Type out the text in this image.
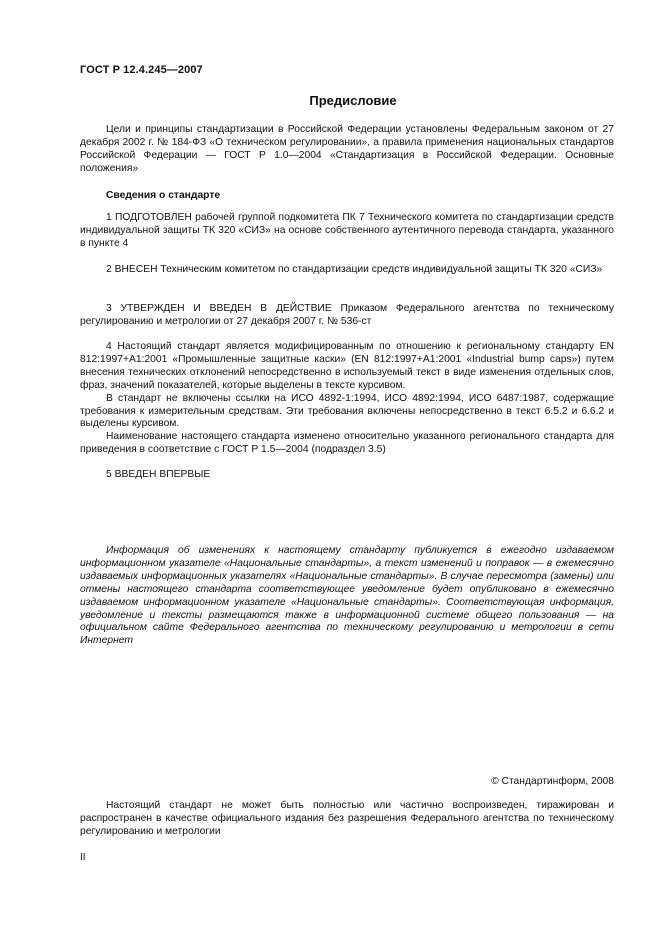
ГОСТ Р 12.4.245—2007
Предисловие

Цели и принципы стандартизации в Российской Федерации установлены Федеральным законом от 27 декабря 2002 г. № 184-ФЗ «О техническом регулировании», а правила применения национальных стандартов Российской Федерации — ГОСТ Р 1.0—2004 «Стандартизация в Российской Федерации. Основные положения»

Сведения о стандарте

1 ПОДГОТОВЛЕН рабочей группой подкомитета ПК 7 Технического комитета по стандартизации средств индивидуальной защиты ТК 320 «СИЗ» на основе собственного аутентичного перевода стандарта, указанного в пункте 4

2 ВНЕСЕН Техническим комитетом по стандартизации средств индивидуальной защиты ТК 320 «СИЗ»

3 УТВЕРЖДЕН И ВВЕДЕН В ДЕЙСТВИЕ Приказом Федерального агентства по техническому регулированию и метрологии от 27 декабря 2007 г. № 536-ст

4 Настоящий стандарт является модифицированным по отношению к региональному стандарту EN 812:1997+A1:2001 «Промышленные защитные каски» (EN 812:1997+A1:2001 «Industrial bump caps») путем внесения технических отклонений непосредственно в используемый текст в виде изменения отдельных слов, фраз, значений показателей, которые выделены в тексте курсивом.

В стандарт не включены ссылки на ИСО 4892-1:1994, ИСО 4892:1994, ИСО 6487:1987, содержащие требования к измерительным средствам. Эти требования включены непосредственно в текст 6.5.2 и 6.6.2 и выделены курсивом.

Наименование настоящего стандарта изменено относительно указанного регионального стандарта для приведения в соответствие с ГОСТ Р 1.5—2004 (подраздел 3.5)

5 ВВЕДЕН ВПЕРВЫЕ

Информация об изменениях к настоящему стандарту публикуется в ежегодно издаваемом информационном указателе «Национальные стандарты», а текст изменений и поправок — в ежемесячно издаваемых информационных указателях «Национальные стандарты». В случае пересмотра (замены) или отмены настоящего стандарта соответствующее уведомление будет опубликовано в ежемесячно издаваемом информационном указателе «Национальные стандарты». Соответствующая информация, уведомление и тексты размещаются также в информационной системе общего пользования — на официальном сайте Федерального агентства по техническому регулированию и метрологии в сети Интернет

© Стандартинформ, 2008

Настоящий стандарт не может быть полностью или частично воспроизведен, тиражирован и распространен в качестве официального издания без разрешения Федерального агентства по техническому регулированию и метрологии

II
